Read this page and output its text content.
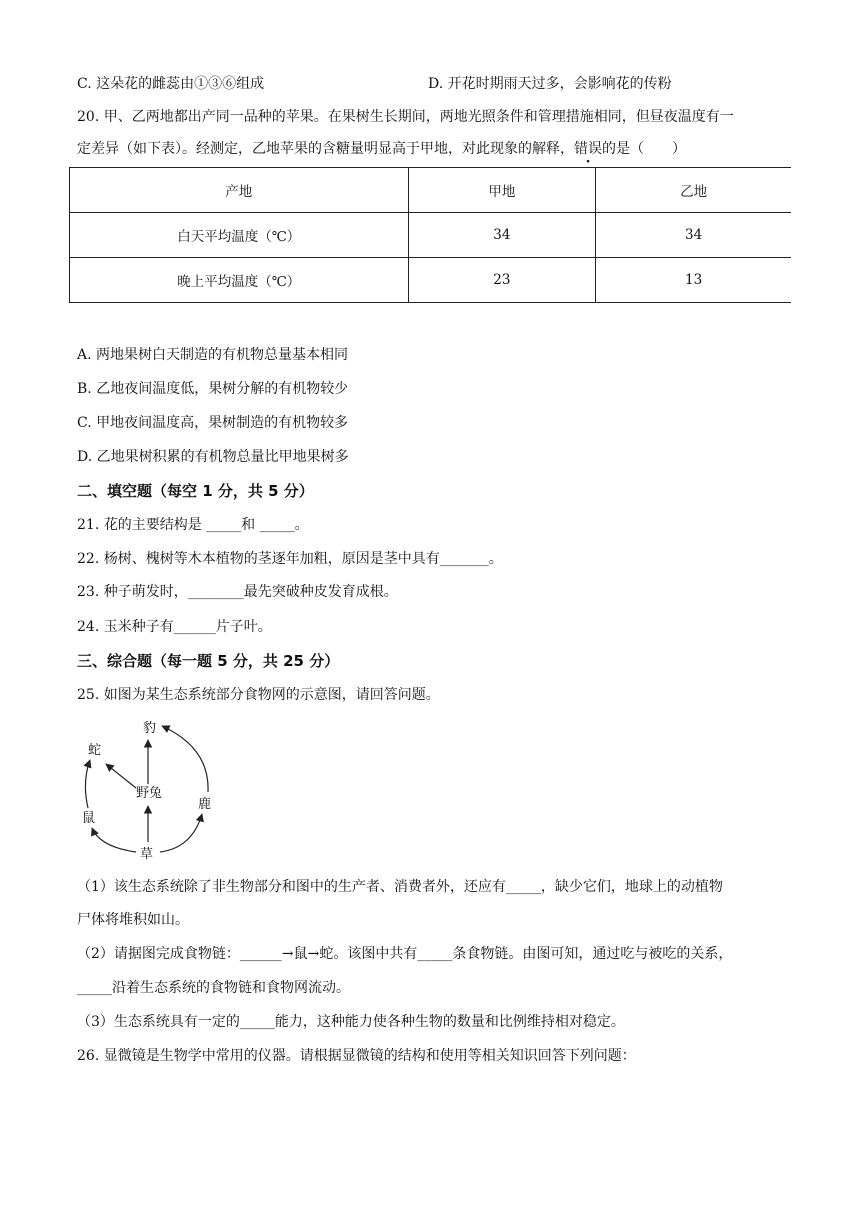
C. 这朵花的雌蕊由①③⑥组成	D. 开花时期雨天过多，会影响花的传粉
20. 甲、乙两地都出产同一品种的苹果。在果树生长期间，两地光照条件和管理措施相同，但昼夜温度有一
定差异（如下表）。经测定，乙地苹果的含糖量明显高于甲地，对此现象的解释，错误的是（　　）
产地	甲地	乙地
白天平均温度（℃）	34	34
晚上平均温度（℃）	23	13
A. 两地果树白天制造的有机物总量基本相同
B. 乙地夜间温度低，果树分解的有机物较少
C. 甲地夜间温度高，果树制造的有机物较多
D. 乙地果树积累的有机物总量比甲地果树多
二、填空题（每空 1 分，共 5 分）
21. 花的主要结构是 _____和 _____。
22. 杨树、槐树等木本植物的茎逐年加粗，原因是茎中具有_______。
23. 种子萌发时，________最先突破种皮发育成根。
24. 玉米种子有______片子叶。
三、综合题（每一题 5 分，共 25 分）
25. 如图为某生态系统部分食物网的示意图，请回答问题。
豹
蛇
野兔
鹿
鼠
草
（1）该生态系统除了非生物部分和图中的生产者、消费者外，还应有_____，缺少它们，地球上的动植物
尸体将堆积如山。
（2）请据图完成食物链：______→鼠→蛇。该图中共有_____条食物链。由图可知，通过吃与被吃的关系，
_____沿着生态系统的食物链和食物网流动。
（3）生态系统具有一定的_____能力，这种能力使各种生物的数量和比例维持相对稳定。
26. 显微镜是生物学中常用的仪器。请根据显微镜的结构和使用等相关知识回答下列问题：
